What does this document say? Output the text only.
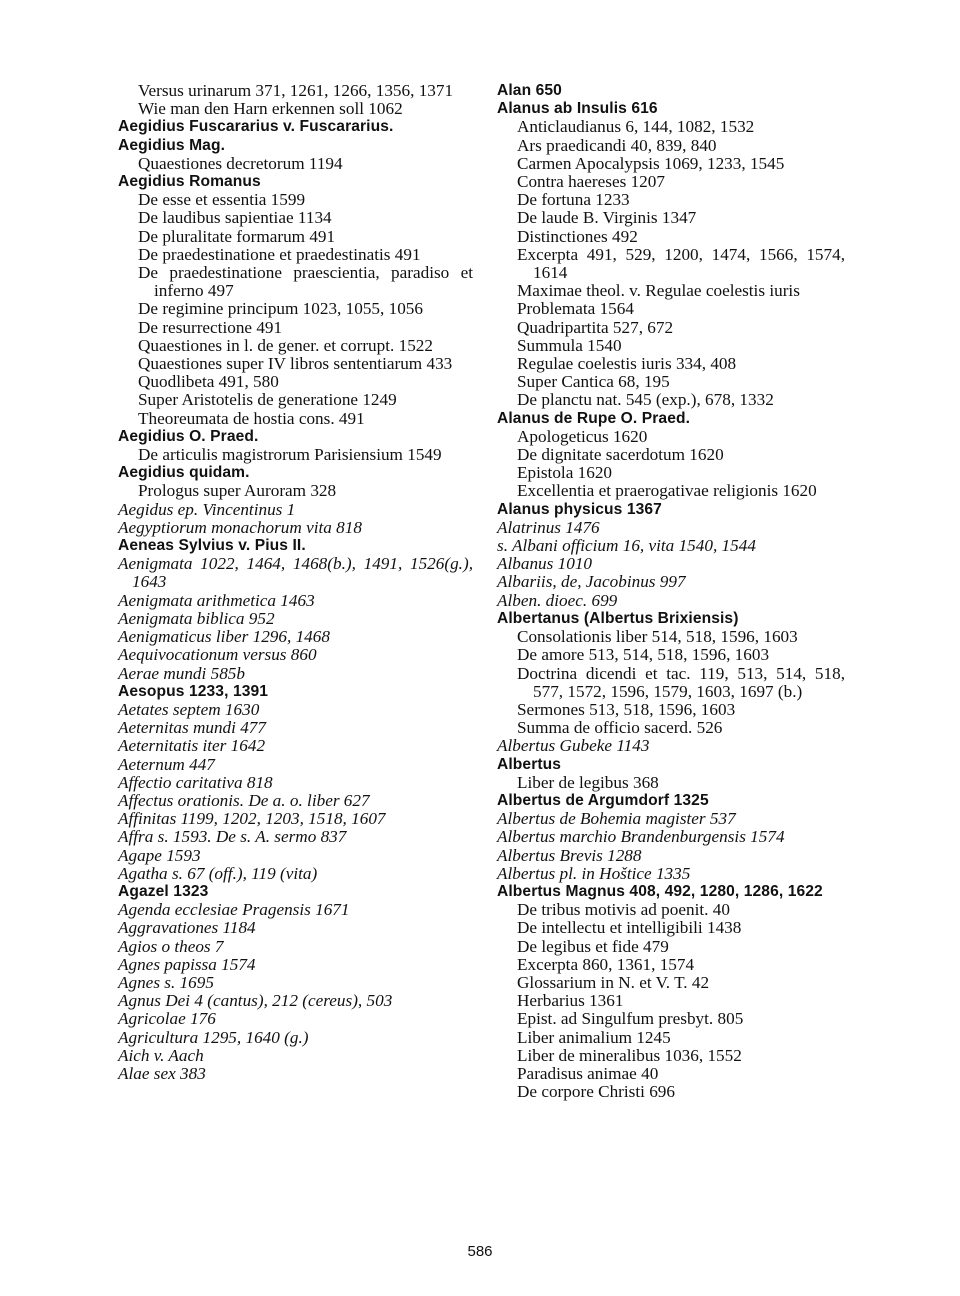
Versus urinarum 371, 1261, 1266, 1356, 1371
Wie man den Harn erkennen soll 1062
Aegidius Fuscararius v. Fuscararius.
Aegidius Mag.
Quaestiones decretorum 1194
Aegidius Romanus
De esse et essentia 1599
De laudibus sapientiae 1134
De pluralitate formarum 491
De praedestinatione et praedestinatis 491
De praedestinatione praescientia, paradiso et inferno 497
De regimine principum 1023, 1055, 1056
De resurrectione 491
Quaestiones in l. de gener. et corrupt. 1522
Quaestiones super IV libros sententiarum 433
Quodlibeta 491, 580
Super Aristotelis de generatione 1249
Theoreumata de hostia cons. 491
Aegidius O. Praed.
De articulis magistrorum Parisiensium 1549
Aegidius quidam.
Prologus super Auroram 328
Aegidus ep. Vincentinus 1
Aegyptiorum monachorum vita 818
Aeneas Sylvius v. Pius II.
Aenigmata 1022, 1464, 1468(b.), 1491, 1526(g.), 1643
Aenigmata arithmetica 1463
Aenigmata biblica 952
Aenigmaticus liber 1296, 1468
Aequivocationum versus 860
Aerae mundi 585b
Aesopus 1233, 1391
Aetates septem 1630
Aeternitas mundi 477
Aeternitatis iter 1642
Aeternum 447
Affectio caritativa 818
Affectus orationis. De a. o. liber 627
Affinitas 1199, 1202, 1203, 1518, 1607
Affra s. 1593. De s. A. sermo 837
Agape 1593
Agatha s. 67 (off.), 119 (vita)
Agazel 1323
Agenda ecclesiae Pragensis 1671
Aggravationes 1184
Agios o theos 7
Agnes papissa 1574
Agnes s. 1695
Agnus Dei 4 (cantus), 212 (cereus), 503
Agricolae 176
Agricultura 1295, 1640 (g.)
Aich v. Aach
Alae sex 383
Alan 650
Alanus ab Insulis 616
Anticlaudianus 6, 144, 1082, 1532
Ars praedicandi 40, 839, 840
Carmen Apocalypsis 1069, 1233, 1545
Contra haereses 1207
De fortuna 1233
De laude B. Virginis 1347
Distinctiones 492
Excerpta 491, 529, 1200, 1474, 1566, 1574, 1614
Maximae theol. v. Regulae coelestis iuris
Problemata 1564
Quadripartita 527, 672
Summula 1540
Regulae coelestis iuris 334, 408
Super Cantica 68, 195
De planctu nat. 545 (exp.), 678, 1332
Alanus de Rupe O. Praed.
Apologeticus 1620
De dignitate sacerdotum 1620
Epistola 1620
Excellentia et praerogativae religionis 1620
Alanus physicus 1367
Alatrinus 1476
s. Albani officium 16, vita 1540, 1544
Albanus 1010
Albariis, de, Jacobinus 997
Alben. dioec. 699
Albertanus (Albertus Brixiensis)
Consolationis liber 514, 518, 1596, 1603
De amore 513, 514, 518, 1596, 1603
Doctrina dicendi et tac. 119, 513, 514, 518, 577, 1572, 1596, 1579, 1603, 1697 (b.)
Sermones 513, 518, 1596, 1603
Summa de officio sacerd. 526
Albertus Gubeke 1143
Albertus
Liber de legibus 368
Albertus de Argumdorf 1325
Albertus de Bohemia magister 537
Albertus marchio Brandenburgensis 1574
Albertus Brevis 1288
Albertus pl. in Hoštice 1335
Albertus Magnus 408, 492, 1280, 1286, 1622
De tribus motivis ad poenit. 40
De intellectu et intelligibili 1438
De legibus et fide 479
Excerpta 860, 1361, 1574
Glossarium in N. et V. T. 42
Herbarius 1361
Epist. ad Singulfum presbyt. 805
Liber animalium 1245
Liber de mineralibus 1036, 1552
Paradisus animae 40
De corpore Christi 696
586
